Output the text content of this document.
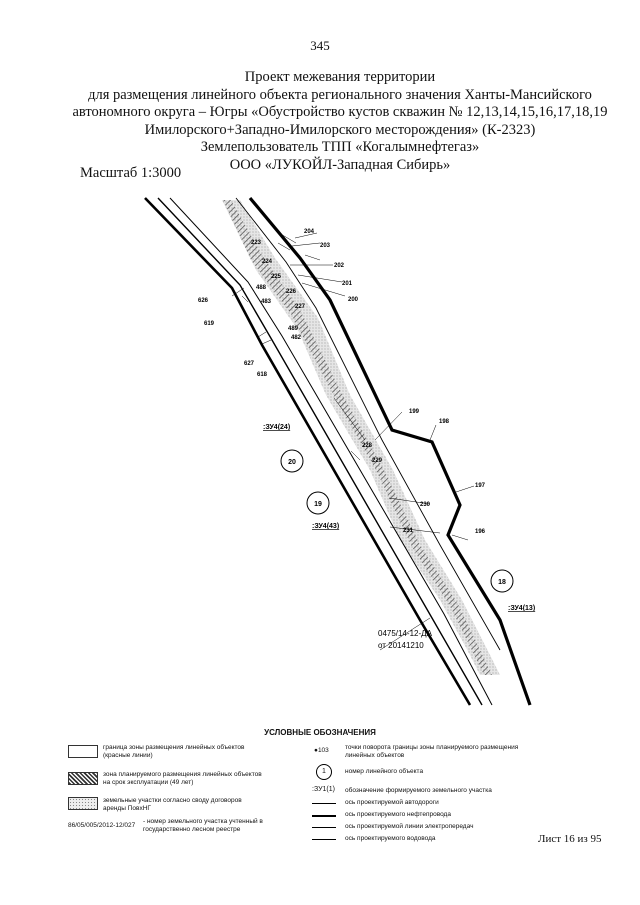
345
Проект межевания территории
для размещения линейного объекта регионального значения Ханты-Мансийского
автономного округа – Югры «Обустройство кустов скважин № 12,13,14,15,16,17,18,19
Имилорского+Западно-Имилорского месторождения» (К-2323)
Землепользователь ТПП «Когалымнефтегаз»
ООО «ЛУКОЙЛ-Западная Сибирь»
Масштаб 1:3000
204
203
223
224
202
225
201
226
488
227
200
483
626
619
489
482
627
618
199
198
228
229
197
230
231	196
:ЗУ4(24)
:ЗУ4(43)
:ЗУ4(13)
20
19
18
0475/14-12-ДА
от 20141210
УСЛОВНЫЕ ОБОЗНАЧЕНИЯ
граница зоны размещения линейных объектов (красные линии)
зона планируемого размещения линейных объектов на срок эксплуатации (49 лет)
земельные участки согласно своду договоров аренды ПовхНГ
86/05/005/2012-12/027
- номер земельного участка учтенный в государственно лесном реестре
●103 точки поворота границы зоны планируемого размещения линейных объектов
1	номер линейного объекта
:ЗУ1(1) обозначение формируемого земельного участка
ось проектируемой автодороги
ось проектируемого нефтепровода
ось проектируемой линии электропередач
ось проектируемого водовода	Лист 16 из 95
